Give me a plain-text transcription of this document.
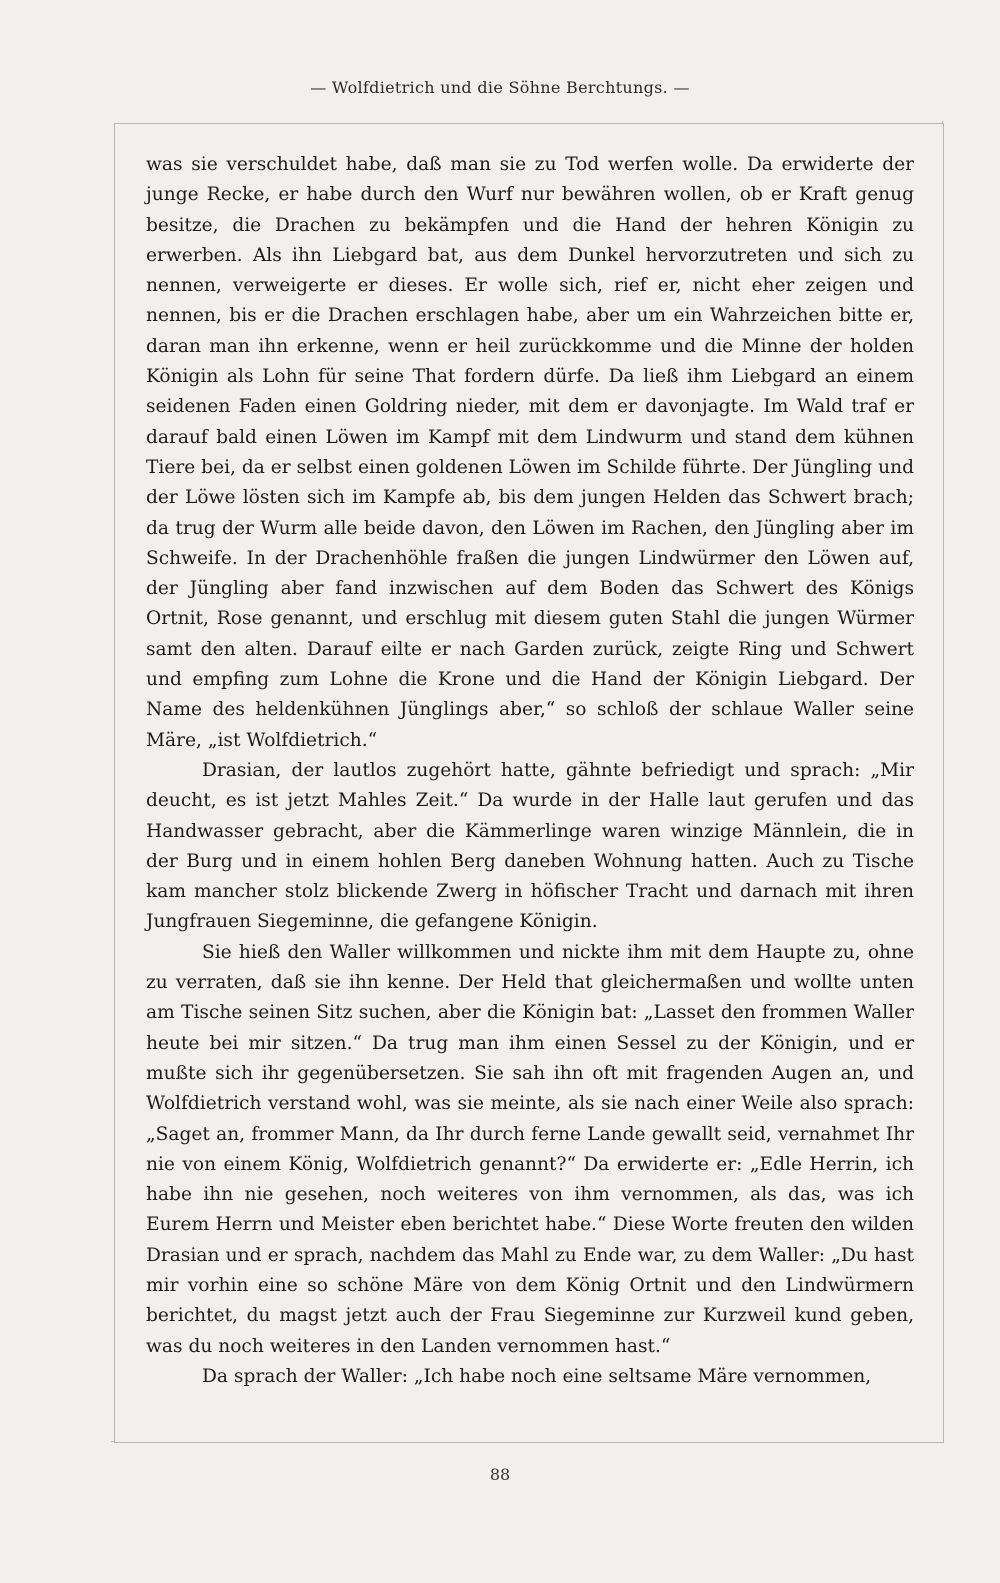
— Wolfdietrich und die Söhne Berchtungs. —

was sie verschuldet habe, daß man sie zu Tod werfen wolle. Da erwiderte der junge Recke, er habe durch den Wurf nur bewähren wollen, ob er Kraft genug besitze, die Drachen zu bekämpfen und die Hand der hehren Königin zu erwerben. Als ihn Liebgard bat, aus dem Dunkel hervorzutreten und sich zu nennen, verweigerte er dieses. Er wolle sich, rief er, nicht eher zeigen und nennen, bis er die Drachen erschlagen habe, aber um ein Wahrzeichen bitte er, daran man ihn erkenne, wenn er heil zurückkomme und die Minne der holden Königin als Lohn für seine That fordern dürfe. Da ließ ihm Liebgard an einem seidenen Faden einen Goldring nieder, mit dem er davonjagte. Im Wald traf er darauf bald einen Löwen im Kampf mit dem Lindwurm und stand dem kühnen Tiere bei, da er selbst einen goldenen Löwen im Schilde führte. Der Jüngling und der Löwe lösten sich im Kampfe ab, bis dem jungen Helden das Schwert brach; da trug der Wurm alle beide davon, den Löwen im Rachen, den Jüngling aber im Schweife. In der Drachenhöhle fraßen die jungen Lindwürmer den Löwen auf, der Jüngling aber fand inzwischen auf dem Boden das Schwert des Königs Ortnit, Rose genannt, und erschlug mit diesem guten Stahl die jungen Würmer samt den alten. Darauf eilte er nach Garden zurück, zeigte Ring und Schwert und empfing zum Lohne die Krone und die Hand der Königin Liebgard. Der Name des heldenkühnen Jünglings aber,“ so schloß der schlaue Waller seine Märe, „ist Wolfdietrich.“

Drasian, der lautlos zugehört hatte, gähnte befriedigt und sprach: „Mir deucht, es ist jetzt Mahles Zeit.“ Da wurde in der Halle laut gerufen und das Handwasser gebracht, aber die Kämmerlinge waren winzige Männlein, die in der Burg und in einem hohlen Berg daneben Wohnung hatten. Auch zu Tische kam mancher stolz blickende Zwerg in höfischer Tracht und darnach mit ihren Jungfrauen Siegeminne, die gefangene Königin.

Sie hieß den Waller willkommen und nickte ihm mit dem Haupte zu, ohne zu verraten, daß sie ihn kenne. Der Held that gleichermaßen und wollte unten am Tische seinen Sitz suchen, aber die Königin bat: „Lasset den frommen Waller heute bei mir sitzen.“ Da trug man ihm einen Sessel zu der Königin, und er mußte sich ihr gegenübersetzen. Sie sah ihn oft mit fragenden Augen an, und Wolfdietrich verstand wohl, was sie meinte, als sie nach einer Weile also sprach: „Saget an, frommer Mann, da Ihr durch ferne Lande gewallt seid, vernahmet Ihr nie von einem König, Wolfdietrich genannt?“ Da erwiderte er: „Edle Herrin, ich habe ihn nie gesehen, noch weiteres von ihm vernommen, als das, was ich Eurem Herrn und Meister eben berichtet habe.“ Diese Worte freuten den wilden Drasian und er sprach, nachdem das Mahl zu Ende war, zu dem Waller: „Du hast mir vorhin eine so schöne Märe von dem König Ortnit und den Lindwürmern berichtet, du magst jetzt auch der Frau Siegeminne zur Kurzweil kund geben, was du noch weiteres in den Landen vernommen hast.“

Da sprach der Waller: „Ich habe noch eine seltsame Märe vernommen,

88
